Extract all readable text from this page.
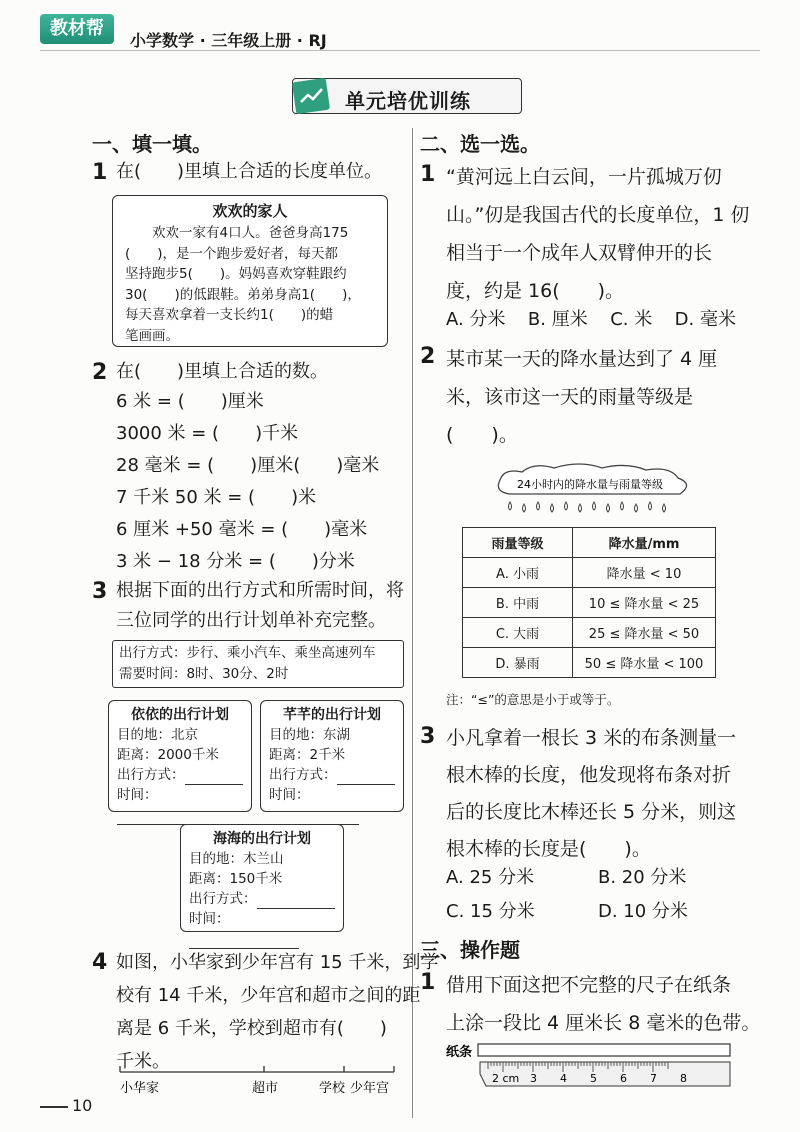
教材帮
小学数学 · 三年级上册 · RJ
单元培优训练
一、填一填。
1 在(　　)里填上合适的长度单位。
欢欢的家人
欢欢一家有4口人。爸爸身高175
(　　)，是一个跑步爱好者，每天都
坚持跑步5(　　)。妈妈喜欢穿鞋跟约
30(　　)的低跟鞋。弟弟身高1(　　)，
每天喜欢拿着一支长约1(　　)的蜡
笔画画。
2 在(　　)里填上合适的数。
6 米 = (　　)厘米
3000 米 = (　　)千米
28 毫米 = (　　)厘米(　　)毫米
7 千米 50 米 = (　　)米
6 厘米 +50 毫米 = (　　)毫米
3 米 − 18 分米 = (　　)分米
3 根据下面的出行方式和所需时间，将
三位同学的出行计划单补充完整。
出行方式：步行、乘小汽车、乘坐高速列车
需要时间：8时、30分、2时
依依的出行计划
目的地：北京
距离：2000千米
出行方式：
时间：
芊芊的出行计划
目的地：东湖
距离：2千米
出行方式：
时间：
海海的出行计划
目的地：木兰山
距离：150千米
出行方式：
时间：
4 如图，小华家到少年宫有 15 千米，到学
校有 14 千米，少年宫和超市之间的距
离是 6 千米，学校到超市有(　　)
千米。
小华家	超市	学校 少年宫
10
二、选一选。
1 “黄河远上白云间，一片孤城万仞
山。”仞是我国古代的长度单位，1 仞
相当于一个成年人双臂伸开的长
度，约是 16(　　)。
A. 分米 B. 厘米 C. 米 D. 毫米
2 某市某一天的降水量达到了 4 厘
米，该市这一天的雨量等级是
(　　)。
24小时内的降水量与雨量等级
雨量等级	降水量/mm
A. 小雨	降水量 < 10
B. 中雨	10 ≤ 降水量 < 25
C. 大雨	25 ≤ 降水量 < 50
D. 暴雨	50 ≤ 降水量 < 100
注：“≤”的意思是小于或等于。
3 小凡拿着一根长 3 米的布条测量一
根木棒的长度，他发现将布条对折
后的长度比木棒还长 5 分米，则这
根木棒的长度是(　　)。
A. 25 分米	B. 20 分米
C. 15 分米	D. 10 分米
三、操作题
1 借用下面这把不完整的尺子在纸条
上涂一段比 4 厘米长 8 毫米的色带。
纸条
2 cm 3 4 5 6 7 8
